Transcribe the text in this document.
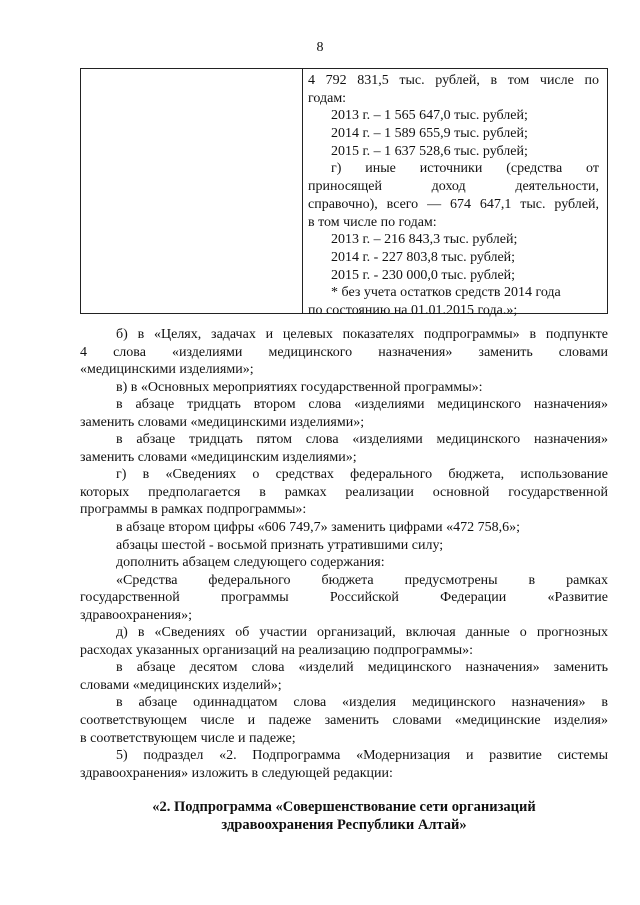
8
4 792 831,5 тыс. рублей, в том числе по
годам:
2013 г. – 1 565 647,0 тыс. рублей;
2014 г. – 1 589 655,9 тыс. рублей;
2015 г. – 1 637 528,6 тыс. рублей;
г) иные источники (средства от
приносящей доход деятельности,
справочно), всего — 674 647,1 тыс. рублей,
в том числе по годам:
2013 г. – 216 843,3 тыс. рублей;
2014 г. - 227 803,8 тыс. рублей;
2015 г. - 230 000,0 тыс. рублей;
* без учета остатков средств 2014 года
по состоянию на 01.01.2015 года.»;
б) в «Целях, задачах и целевых показателях подпрограммы» в подпункте
4 слова «изделиями медицинского назначения» заменить словами
«медицинскими изделиями»;
в) в «Основных мероприятиях государственной программы»:
в абзаце тридцать втором слова «изделиями медицинского назначения»
заменить словами «медицинскими изделиями»;
в абзаце тридцать пятом слова «изделиями медицинского назначения»
заменить словами «медицинским изделиями»;
г) в «Сведениях о средствах федерального бюджета, использование
которых предполагается в рамках реализации основной государственной
программы в рамках подпрограммы»:
в абзаце втором цифры «606 749,7» заменить цифрами «472 758,6»;
абзацы шестой - восьмой признать утратившими силу;
дополнить абзацем следующего содержания:
«Средства федерального бюджета предусмотрены в рамках
государственной программы Российской Федерации «Развитие
здравоохранения»;
д) в «Сведениях об участии организаций, включая данные о прогнозных
расходах указанных организаций на реализацию подпрограммы»:
в абзаце десятом слова «изделий медицинского назначения» заменить
словами «медицинских изделий»;
в абзаце одиннадцатом слова «изделия медицинского назначения» в
соответствующем числе и падеже заменить словами «медицинские изделия»
в соответствующем числе и падеже;
5) подраздел «2. Подпрограмма «Модернизация и развитие системы
здравоохранения» изложить в следующей редакции:
«2. Подпрограмма «Совершенствование сети организаций
здравоохранения Республики Алтай»
